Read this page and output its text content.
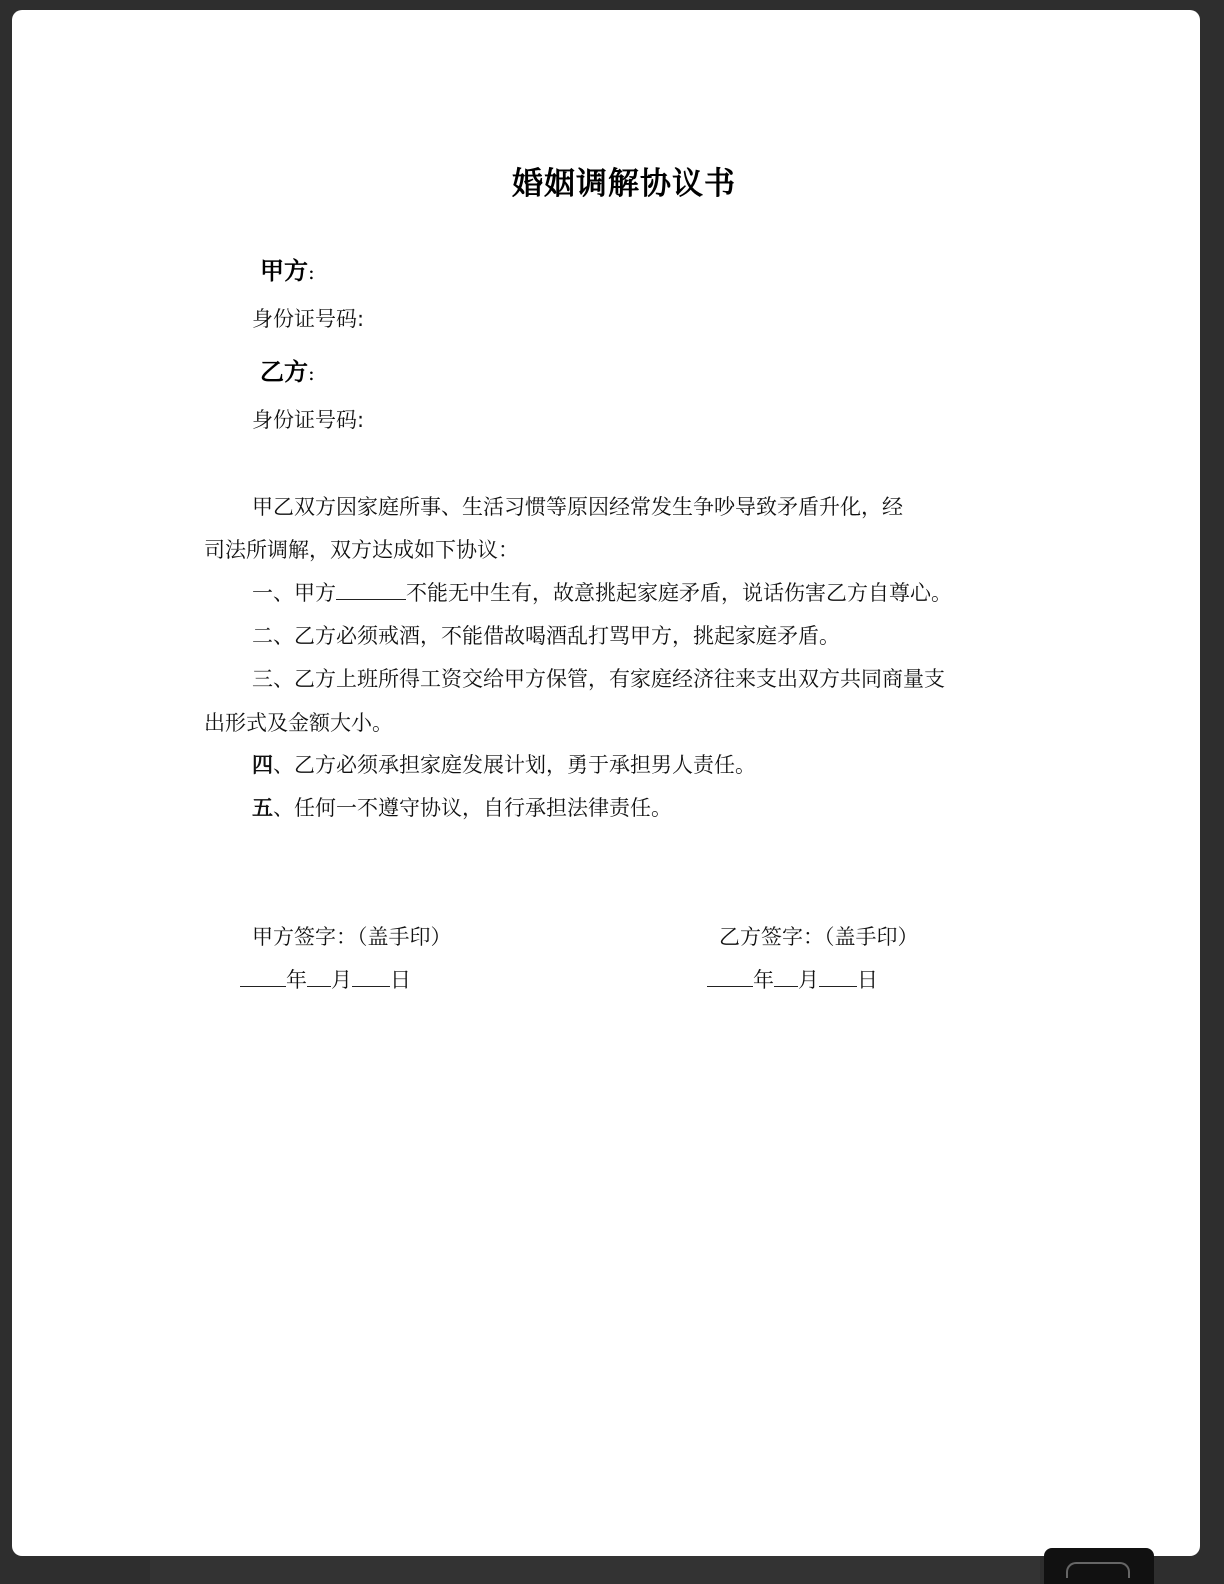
婚姻调解协议书
甲方:
身份证号码:
乙方:
身份证号码:
甲乙双方因家庭所事、生活习惯等原因经常发生争吵导致矛盾升化，经
司法所调解，双方达成如下协议：
一、甲方	不能无中生有，故意挑起家庭矛盾，说话伤害乙方自尊心。
二、乙方必须戒酒，不能借故喝酒乱打骂甲方，挑起家庭矛盾。
三、乙方上班所得工资交给甲方保管，有家庭经济往来支出双方共同商量支
出形式及金额大小。
四、乙方必须承担家庭发展计划，勇于承担男人责任。
五、任何一不遵守协议，自行承担法律责任。
甲方签字：（盖手印）	乙方签字：（盖手印）
年 月 日	年 月 日
